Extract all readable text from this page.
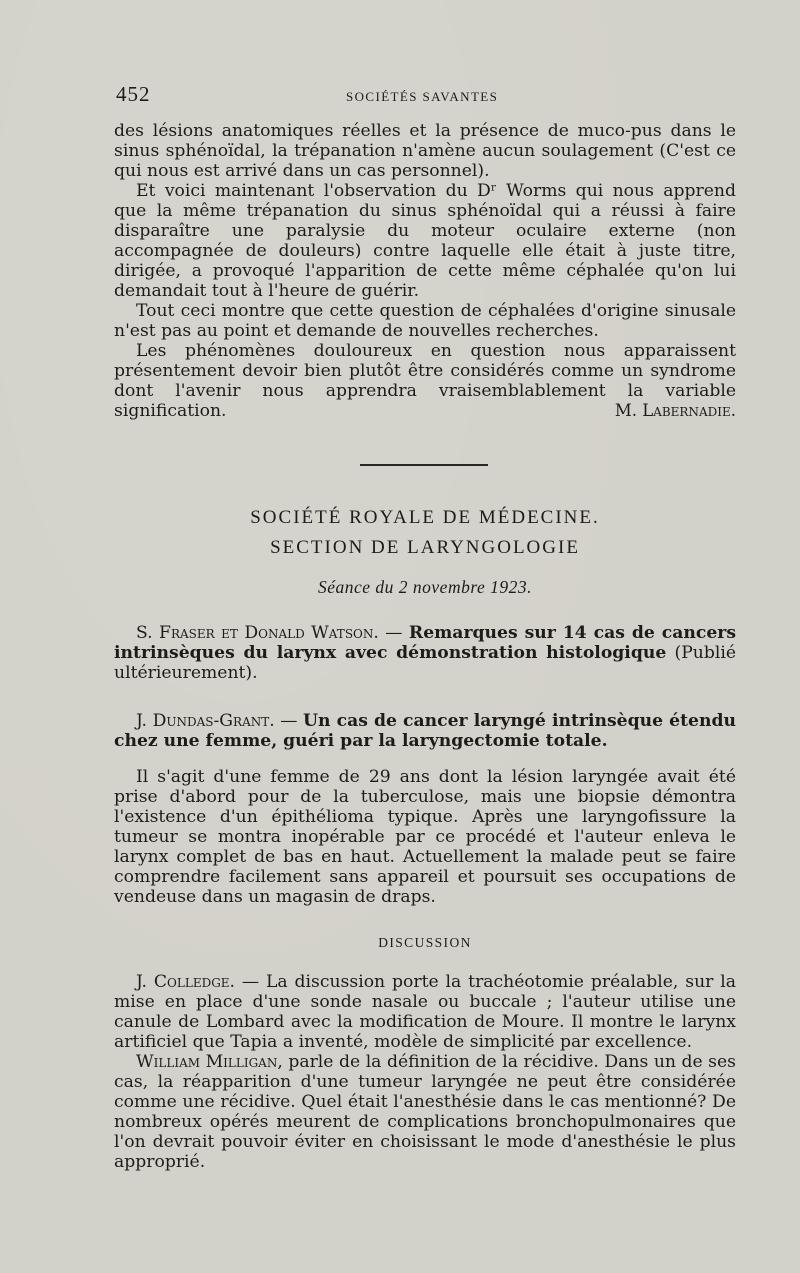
452	SOCIÉTÉS SAVANTES

des lésions anatomiques réelles et la présence de muco-pus dans le sinus sphénoïdal, la trépanation n'amène aucun soulagement (C'est ce qui nous est arrivé dans un cas personnel).

Et voici maintenant l'observation du Dʳ Worms qui nous apprend que la même trépanation du sinus sphénoïdal qui a réussi à faire disparaître une paralysie du moteur oculaire externe (non accompagnée de douleurs) contre laquelle elle était à juste titre, dirigée, a provoqué l'apparition de cette même céphalée qu'on lui demandait tout à l'heure de guérir.

Tout ceci montre que cette question de céphalées d'origine sinusale n'est pas au point et demande de nouvelles recherches.

Les phénomènes douloureux en question nous apparaissent présentement devoir bien plutôt être considérés comme un syndrome dont l'avenir nous apprendra vraisemblablement la variable signification.	M. Labernadie.

SOCIÉTÉ ROYALE DE MÉDECINE.
SECTION DE LARYNGOLOGIE
Séance du 2 novembre 1923.

S. Fraser et Donald Watson. — Remarques sur 14 cas de cancers intrinsèques du larynx avec démonstration histologique (Publié ultérieurement).

J. Dundas-Grant. — Un cas de cancer laryngé intrinsèque étendu chez une femme, guéri par la laryngectomie totale.

Il s'agit d'une femme de 29 ans dont la lésion laryngée avait été prise d'abord pour de la tuberculose, mais une biopsie démontra l'existence d'un épithélioma typique. Après une laryngofissure la tumeur se montra inopérable par ce procédé et l'auteur enleva le larynx complet de bas en haut. Actuellement la malade peut se faire comprendre facilement sans appareil et poursuit ses occupations de vendeuse dans un magasin de draps.

DISCUSSION

J. Colledge. — La discussion porte la trachéotomie préalable, sur la mise en place d'une sonde nasale ou buccale ; l'auteur utilise une canule de Lombard avec la modification de Moure. Il montre le larynx artificiel que Tapia a inventé, modèle de simplicité par excellence.

William Milligan, parle de la définition de la récidive. Dans un de ses cas, la réapparition d'une tumeur laryngée ne peut être considérée comme une récidive. Quel était l'anesthésie dans le cas mentionné? De nombreux opérés meurent de complications bronchopulmonaires que l'on devrait pouvoir éviter en choisissant le mode d'anesthésie le plus approprié.
